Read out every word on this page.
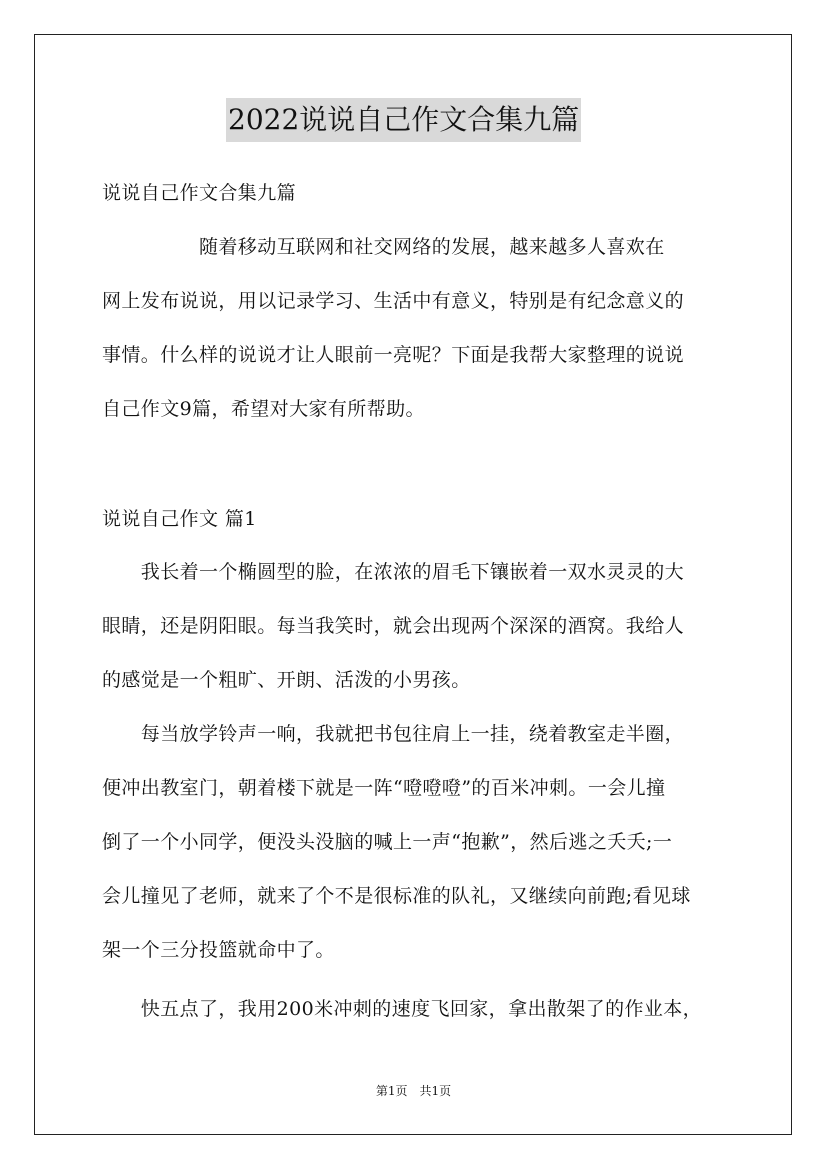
2022说说自己作文合集九篇
说说自己作文合集九篇
　　　　　随着移动互联网和社交网络的发展，越来越多人喜欢在
网上发布说说，用以记录学习、生活中有意义，特别是有纪念意义的
事情。什么样的说说才让人眼前一亮呢？下面是我帮大家整理的说说
自己作文9篇，希望对大家有所帮助。
说说自己作文 篇1
　　我长着一个椭圆型的脸，在浓浓的眉毛下镶嵌着一双水灵灵的大
眼睛，还是阴阳眼。每当我笑时，就会出现两个深深的酒窝。我给人
的感觉是一个粗旷、开朗、活泼的小男孩。
　　每当放学铃声一响，我就把书包往肩上一挂，绕着教室走半圈，
便冲出教室门，朝着楼下就是一阵“噔噔噔”的百米冲刺。一会儿撞
倒了一个小同学，便没头没脑的喊上一声“抱歉”，然后逃之夭夭;一
会儿撞见了老师，就来了个不是很标准的队礼，又继续向前跑;看见球
架一个三分投篮就命中了。
　　快五点了，我用200米冲刺的速度飞回家，拿出散架了的作业本，
第1页　共1页
